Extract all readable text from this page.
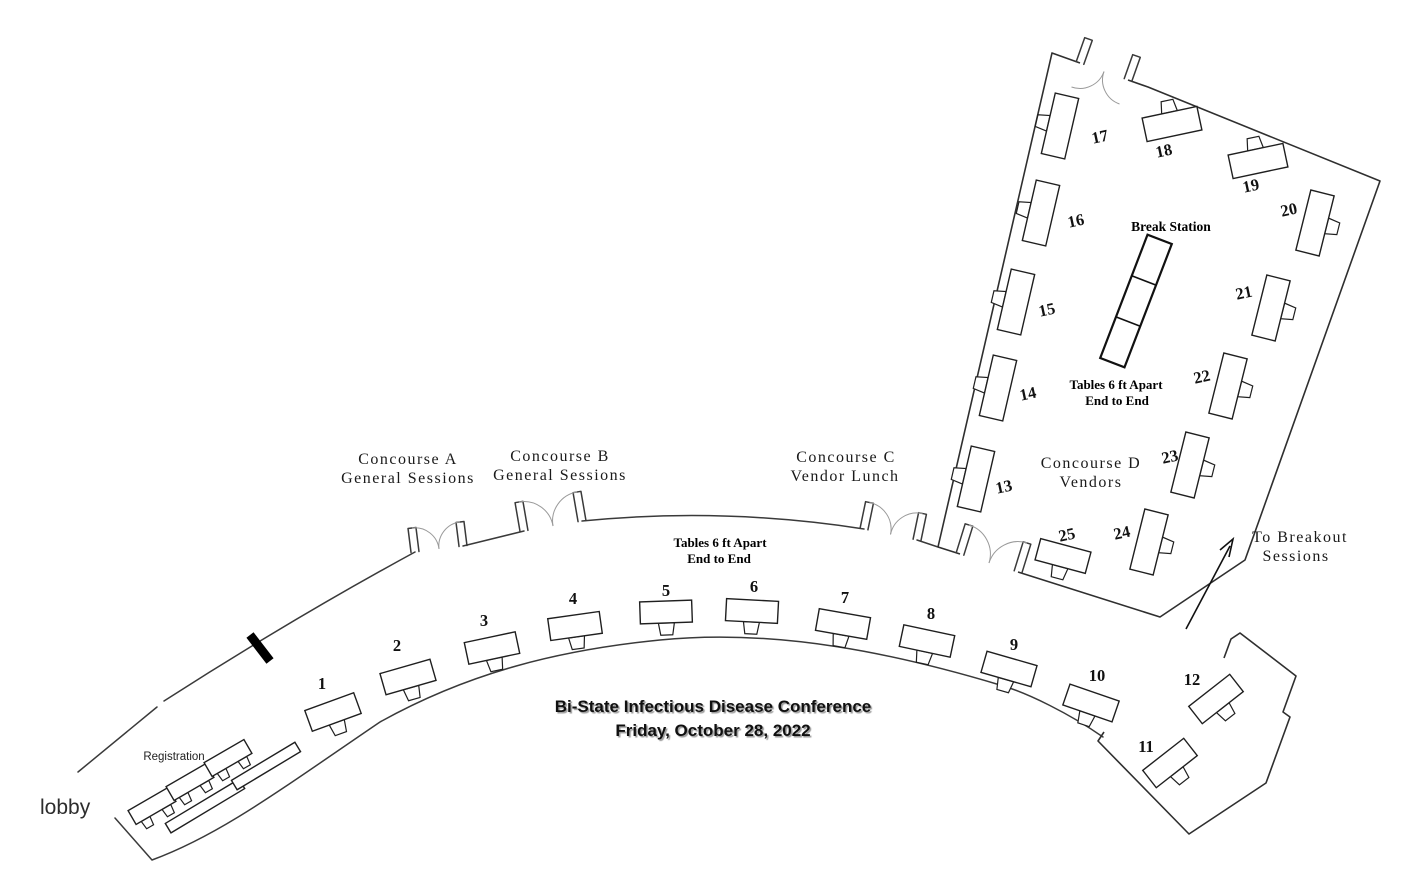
1
2
3
4	5	6
7
8
9
10
11
12
13
14
15
16
17
18
19
20
21
22
23
24
25
Concourse A
General Sessions
Concourse B
General Sessions
Concourse C
Vendor Lunch
Concourse D
Vendors
Tables 6 ft Apart
End to End
Tables 6 ft Apart
End to End
Break Station
To Breakout
Sessions
Bi-State Infectious Disease Conference
Friday, October 28, 2022
lobby
Registration
